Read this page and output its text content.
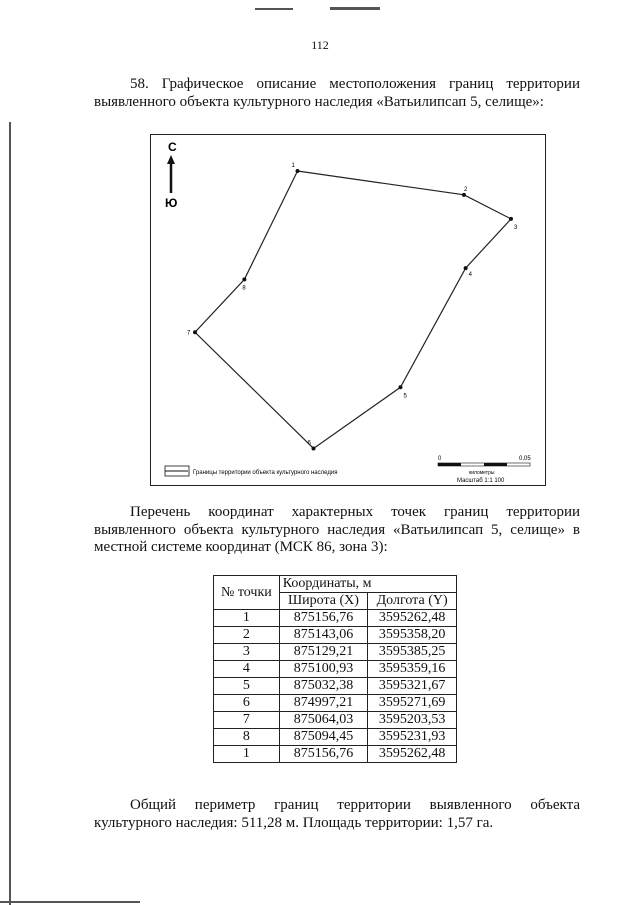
112
58. Графическое описание местоположения границ территории
выявленного объекта культурного наследия «Ватьилипсап 5, селище»:
С
Ю
1
2
3
4
5
6
7
8
Границы территории объекта культурного наследия
0	0,05
километры
Масштаб 1:1 100
Перечень координат характерных точек границ территории
выявленного объекта культурного наследия «Ватьилипсап 5, селище» в
местной системе координат (МСК 86, зона 3):
№ точки	Координаты, м	
	Широта (X)	Долгота (Y)
1	875156,76	3595262,48
2	875143,06	3595358,20
3	875129,21	3595385,25
4	875100,93	3595359,16
5	875032,38	3595321,67
6	874997,21	3595271,69
7	875064,03	3595203,53
8	875094,45	3595231,93
1	875156,76	3595262,48
Общий периметр границ территории выявленного объекта
культурного наследия: 511,28 м. Площадь территории: 1,57 га.
